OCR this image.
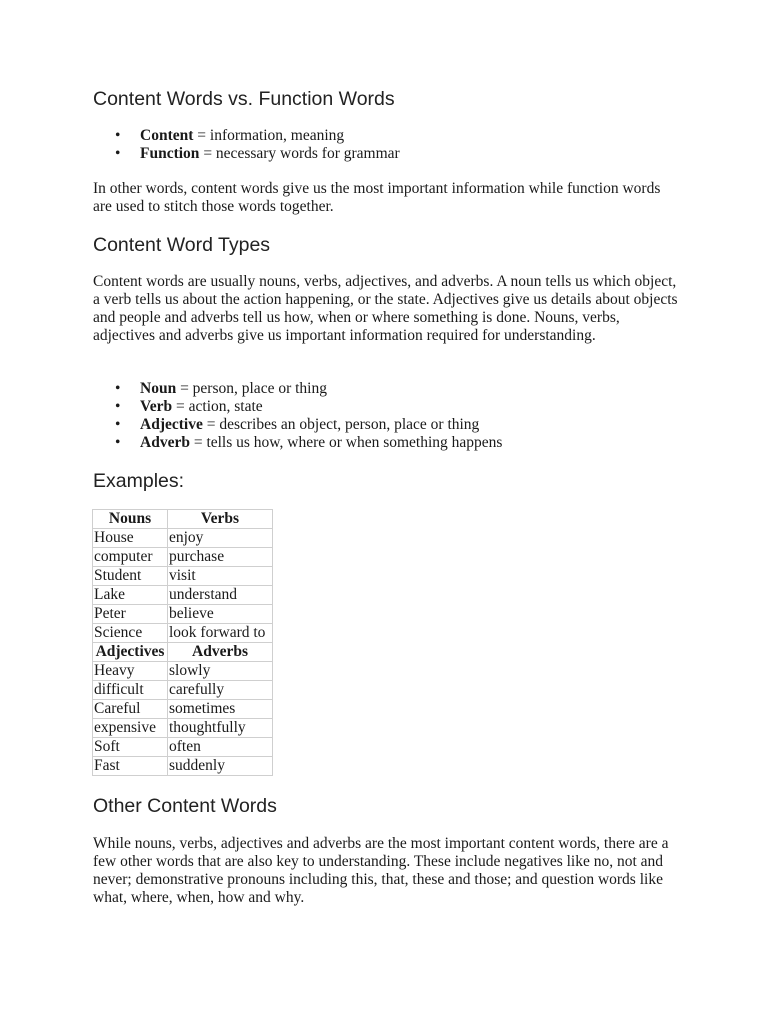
Content Words vs. Function Words
• Content = information, meaning
• Function = necessary words for grammar

In other words, content words give us the most important information while function words are used to stitch those words together.

Content Word Types

Content words are usually nouns, verbs, adjectives, and adverbs. A noun tells us which object, a verb tells us about the action happening, or the state. Adjectives give us details about objects and people and adverbs tell us how, when or where something is done. Nouns, verbs, adjectives and adverbs give us important information required for understanding.

• Noun = person, place or thing
• Verb = action, state
• Adjective = describes an object, person, place or thing
• Adverb = tells us how, where or when something happens
Examples:
Nouns	Verbs
House	enjoy
computer	purchase
Student	visit
Lake	understand
Peter	believe
Science	look forward to
Adjectives	Adverbs
Heavy	slowly
difficult	carefully
Careful	sometimes
expensive	thoughtfully
Soft	often
Fast	suddenly
Other Content Words

While nouns, verbs, adjectives and adverbs are the most important content words, there are a few other words that are also key to understanding. These include negatives like no, not and never; demonstrative pronouns including this, that, these and those; and question words like what, where, when, how and why.
